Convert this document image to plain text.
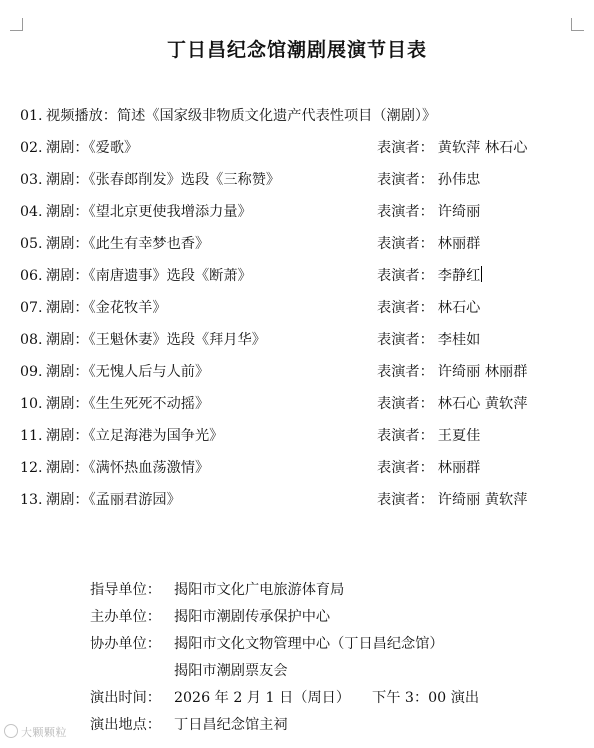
丁日昌纪念馆潮剧展演节目表
01. 视频播放：简述《国家级非物质文化遗产代表性项目（潮剧）》
02. 潮剧：《爱歌》	表演者： 黄软萍 林石心
03. 潮剧：《张春郎削发》选段《三称赞》	表演者： 孙伟忠
04. 潮剧：《望北京更使我增添力量》	表演者： 许绮丽
05. 潮剧：《此生有幸梦也香》	表演者： 林丽群
06. 潮剧：《南唐遗事》选段《断萧》	表演者： 李静红
07. 潮剧：《金花牧羊》	表演者： 林石心
08. 潮剧：《王魁休妻》选段《拜月华》	表演者： 李桂如
09. 潮剧：《无愧人后与人前》	表演者： 许绮丽 林丽群
10. 潮剧：《生生死死不动摇》	表演者： 林石心 黄软萍
11. 潮剧：《立足海港为国争光》	表演者： 王夏佳
12. 潮剧：《满怀热血荡激情》	表演者： 林丽群
13. 潮剧：《孟丽君游园》	表演者： 许绮丽 黄软萍
指导单位： 揭阳市文化广电旅游体育局
主办单位： 揭阳市潮剧传承保护中心
协办单位： 揭阳市文化文物管理中心（丁日昌纪念馆）
揭阳市潮剧票友会
演出时间： 2026 年 2 月 1 日（周日） 下午 3：00 演出
演出地点： 丁日昌纪念馆主祠
大颗颗粒
